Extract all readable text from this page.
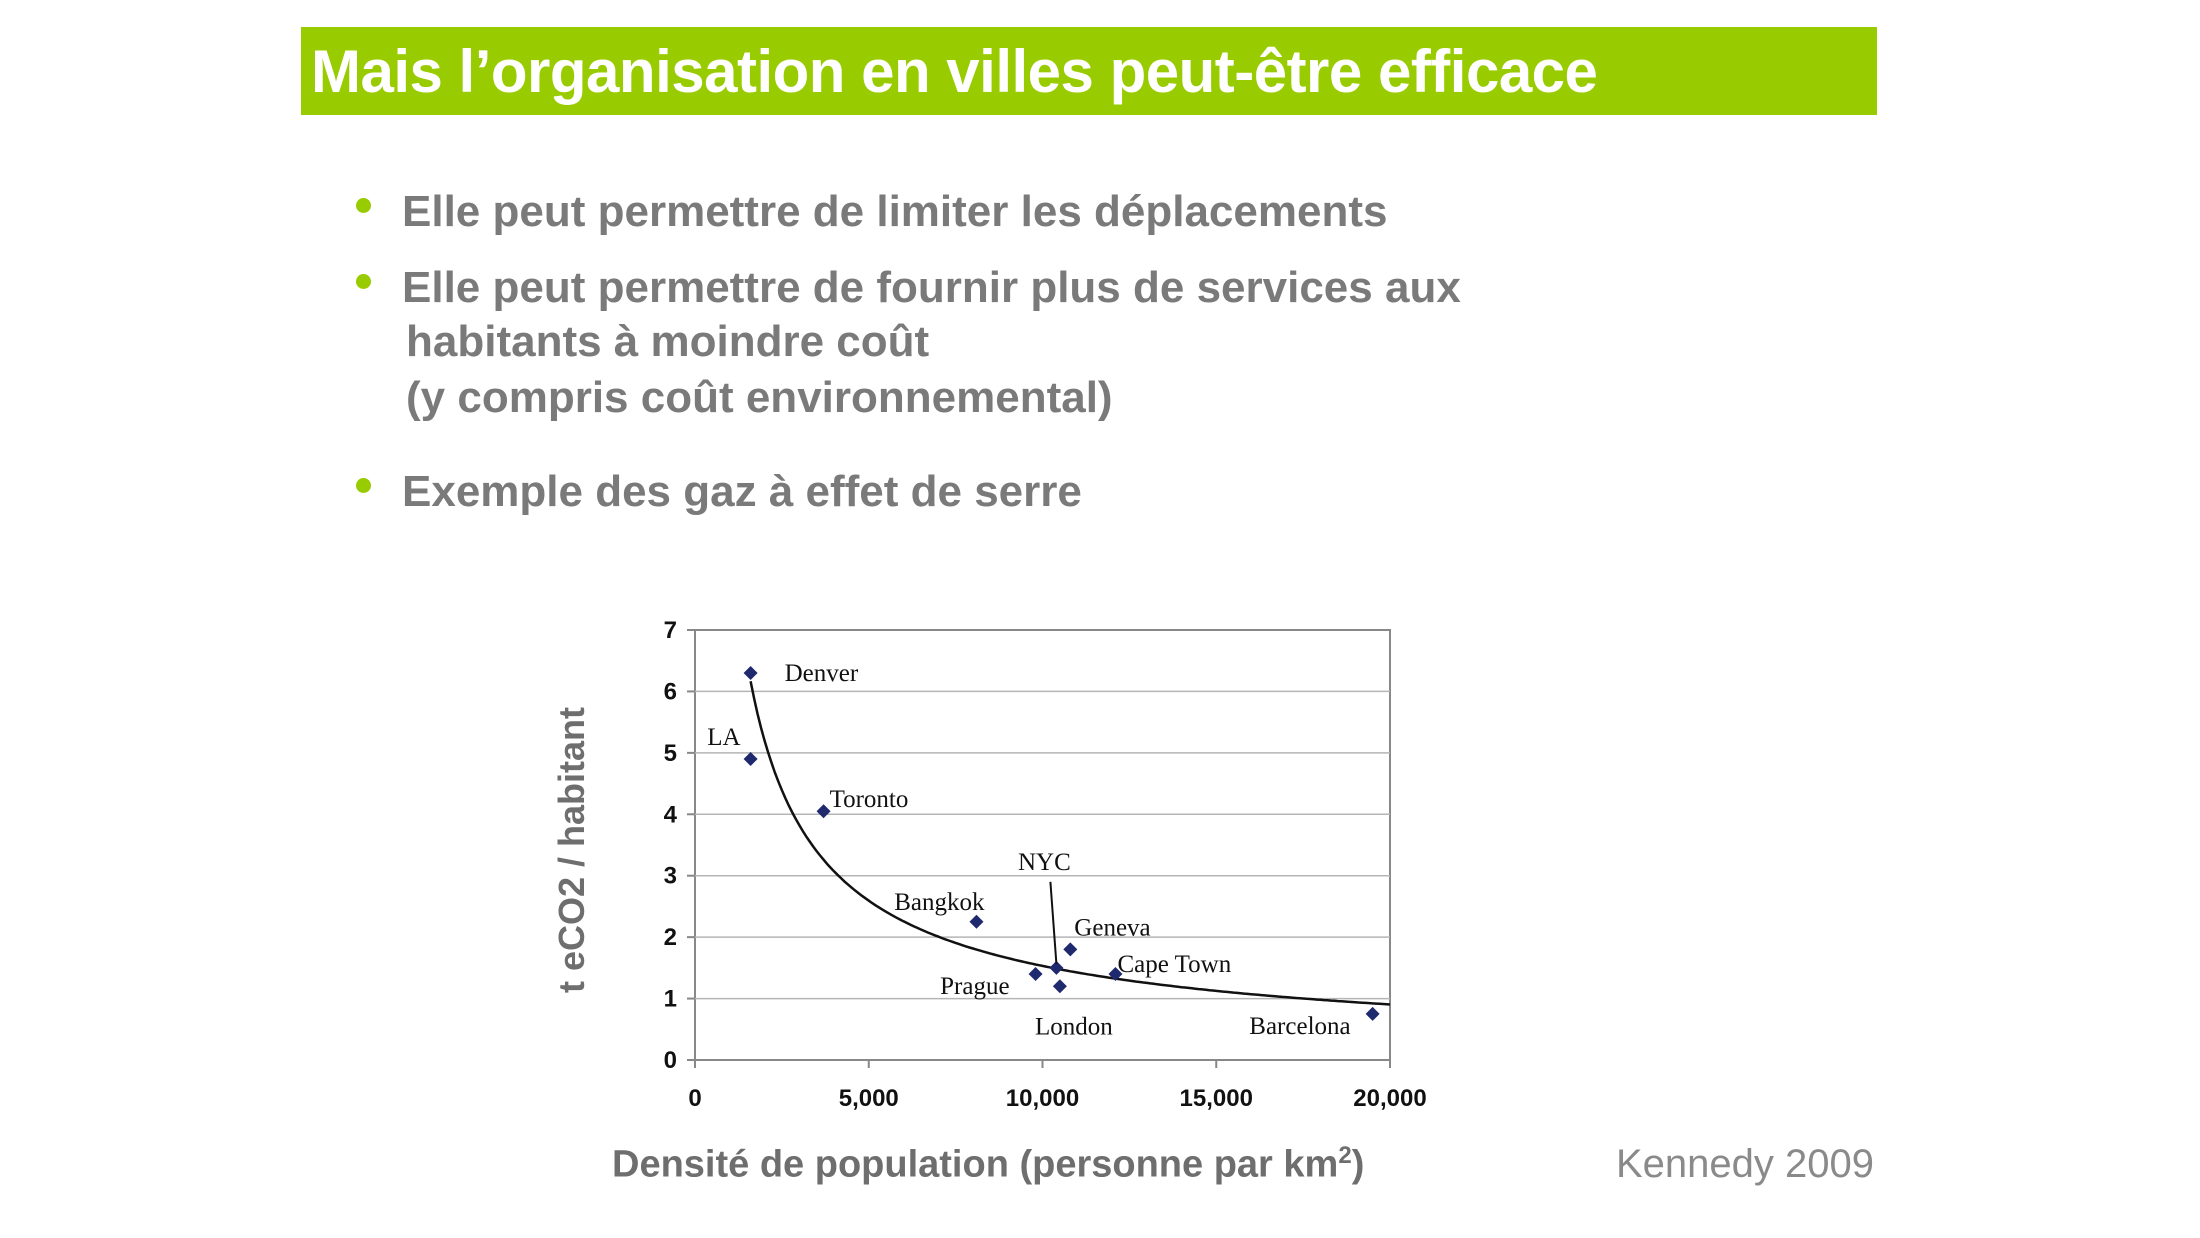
Mais l’organisation en villes peut-être efficace
Elle peut permettre de limiter les déplacements
Elle peut permettre de fournir plus de services aux
habitants à moindre coût
(y compris coût environnemental)
Exemple des gaz à effet de serre
0
1
2
3
4
5
6
7
0	5,000	10,000	15,000	20,000
Denver
LA
Toronto
Bangkok
NYC
Geneva
Prague
London
Cape Town
Barcelona
t eCO2 / habitant
Densité de population (personne par $km^2$)	Kennedy 2009
